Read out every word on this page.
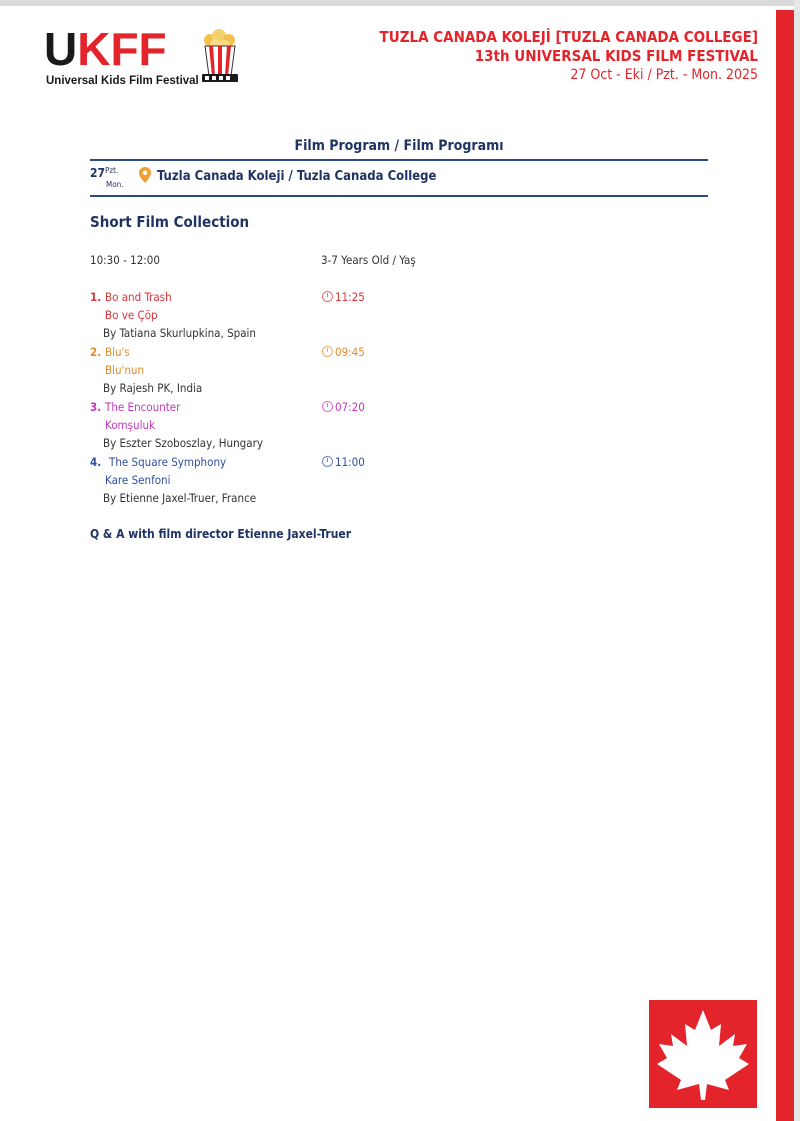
UKFF
Universal Kids Film Festival
TUZLA CANADA KOLEJİ [TUZLA CANADA COLLEGE]
13th UNIVERSAL KIDS FILM FESTIVAL
27 Oct - Eki / Pzt. - Mon. 2025
Film Program / Film Programı
27 Pzt.
Mon.
Tuzla Canada Koleji / Tuzla Canada College
Short Film Collection
10:30 - 12:00	3-7 Years Old / Yaş
1. Bo and Trash
Bo ve Çöp
By Tatiana Skurlupkina, Spain
11:25
2. Blu's
Blu'nun
By Rajesh PK, India
09:45
3. The Encounter
Komşuluk
By Eszter Szoboszlay, Hungary
07:20
4. The Square Symphony
Kare Senfoni
By Etienne Jaxel-Truer, France
11:00
Q & A with film director Etienne Jaxel-Truer
